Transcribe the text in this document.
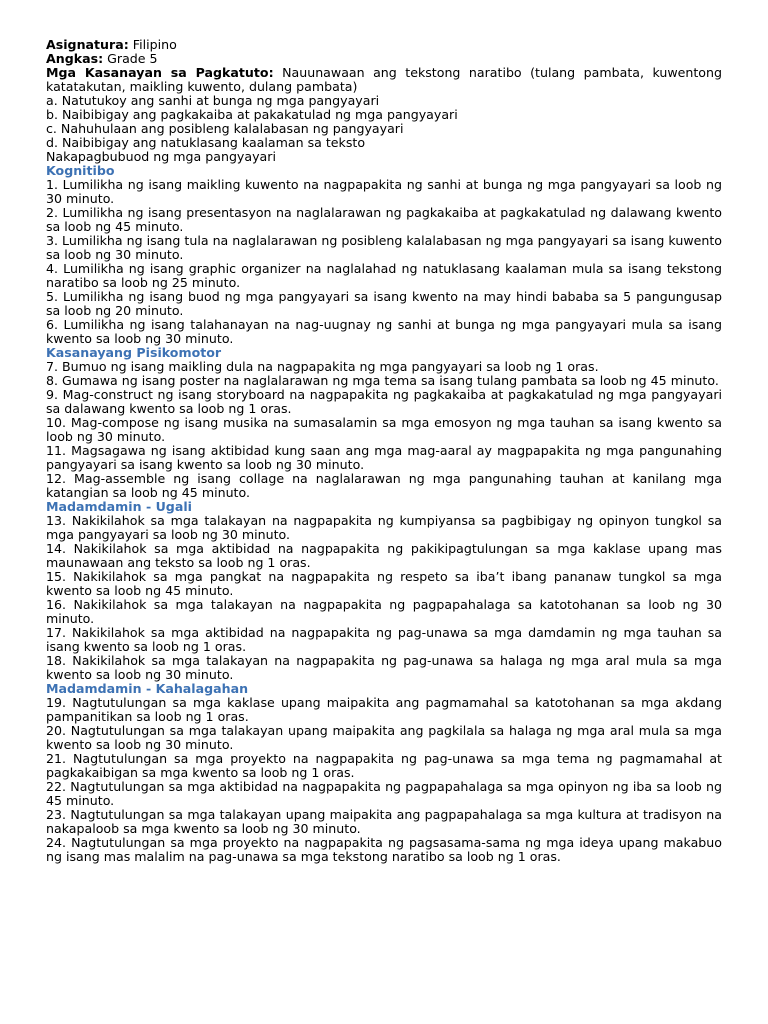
Asignatura: Filipino

Angkas: Grade 5

Mga Kasanayan sa Pagkatuto: Nauunawaan ang tekstong naratibo (tulang pambata, kuwentong katatakutan, maikling kuwento, dulang pambata)

a. Natutukoy ang sanhi at bunga ng mga pangyayari

b. Naibibigay ang pagkakaiba at pakakatulad ng mga pangyayari

c. Nahuhulaan ang posibleng kalalabasan ng pangyayari

d. Naibibigay ang natuklasang kaalaman sa teksto

Nakapagbubuod ng mga pangyayari

Kognitibo

1. Lumilikha ng isang maikling kuwento na nagpapakita ng sanhi at bunga ng mga pangyayari sa loob ng 30 minuto.

2. Lumilikha ng isang presentasyon na naglalarawan ng pagkakaiba at pagkakatulad ng dalawang kwento sa loob ng 45 minuto.

3. Lumilikha ng isang tula na naglalarawan ng posibleng kalalabasan ng mga pangyayari sa isang kuwento sa loob ng 30 minuto.

4. Lumilikha ng isang graphic organizer na naglalahad ng natuklasang kaalaman mula sa isang tekstong naratibo sa loob ng 25 minuto.

5. Lumilikha ng isang buod ng mga pangyayari sa isang kwento na may hindi bababa sa 5 pangungusap sa loob ng 20 minuto.

6. Lumilikha ng isang talahanayan na nag-uugnay ng sanhi at bunga ng mga pangyayari mula sa isang kwento sa loob ng 30 minuto.

Kasanayang Pisikomotor

7. Bumuo ng isang maikling dula na nagpapakita ng mga pangyayari sa loob ng 1 oras.

8. Gumawa ng isang poster na naglalarawan ng mga tema sa isang tulang pambata sa loob ng 45 minuto.

9. Mag-construct ng isang storyboard na nagpapakita ng pagkakaiba at pagkakatulad ng mga pangyayari sa dalawang kwento sa loob ng 1 oras.

10. Mag-compose ng isang musika na sumasalamin sa mga emosyon ng mga tauhan sa isang kwento sa loob ng 30 minuto.

11. Magsagawa ng isang aktibidad kung saan ang mga mag-aaral ay magpapakita ng mga pangunahing pangyayari sa isang kwento sa loob ng 30 minuto.

12. Mag-assemble ng isang collage na naglalarawan ng mga pangunahing tauhan at kanilang mga katangian sa loob ng 45 minuto.

Madamdamin - Ugali

13. Nakikilahok sa mga talakayan na nagpapakita ng kumpiyansa sa pagbibigay ng opinyon tungkol sa mga pangyayari sa loob ng 30 minuto.

14. Nakikilahok sa mga aktibidad na nagpapakita ng pakikipagtulungan sa mga kaklase upang mas maunawaan ang teksto sa loob ng 1 oras.

15. Nakikilahok sa mga pangkat na nagpapakita ng respeto sa iba’t ibang pananaw tungkol sa mga kwento sa loob ng 45 minuto.

16. Nakikilahok sa mga talakayan na nagpapakita ng pagpapahalaga sa katotohanan sa loob ng 30 minuto.

17. Nakikilahok sa mga aktibidad na nagpapakita ng pag-unawa sa mga damdamin ng mga tauhan sa isang kwento sa loob ng 1 oras.

18. Nakikilahok sa mga talakayan na nagpapakita ng pag-unawa sa halaga ng mga aral mula sa mga kwento sa loob ng 30 minuto.

Madamdamin - Kahalagahan

19. Nagtutulungan sa mga kaklase upang maipakita ang pagmamahal sa katotohanan sa mga akdang pampanitikan sa loob ng 1 oras.

20. Nagtutulungan sa mga talakayan upang maipakita ang pagkilala sa halaga ng mga aral mula sa mga kwento sa loob ng 30 minuto.

21. Nagtutulungan sa mga proyekto na nagpapakita ng pag-unawa sa mga tema ng pagmamahal at pagkakaibigan sa mga kwento sa loob ng 1 oras.

22. Nagtutulungan sa mga aktibidad na nagpapakita ng pagpapahalaga sa mga opinyon ng iba sa loob ng 45 minuto.

23. Nagtutulungan sa mga talakayan upang maipakita ang pagpapahalaga sa mga kultura at tradisyon na nakapaloob sa mga kwento sa loob ng 30 minuto.

24. Nagtutulungan sa mga proyekto na nagpapakita ng pagsasama-sama ng mga ideya upang makabuo ng isang mas malalim na pag-unawa sa mga tekstong naratibo sa loob ng 1 oras.
